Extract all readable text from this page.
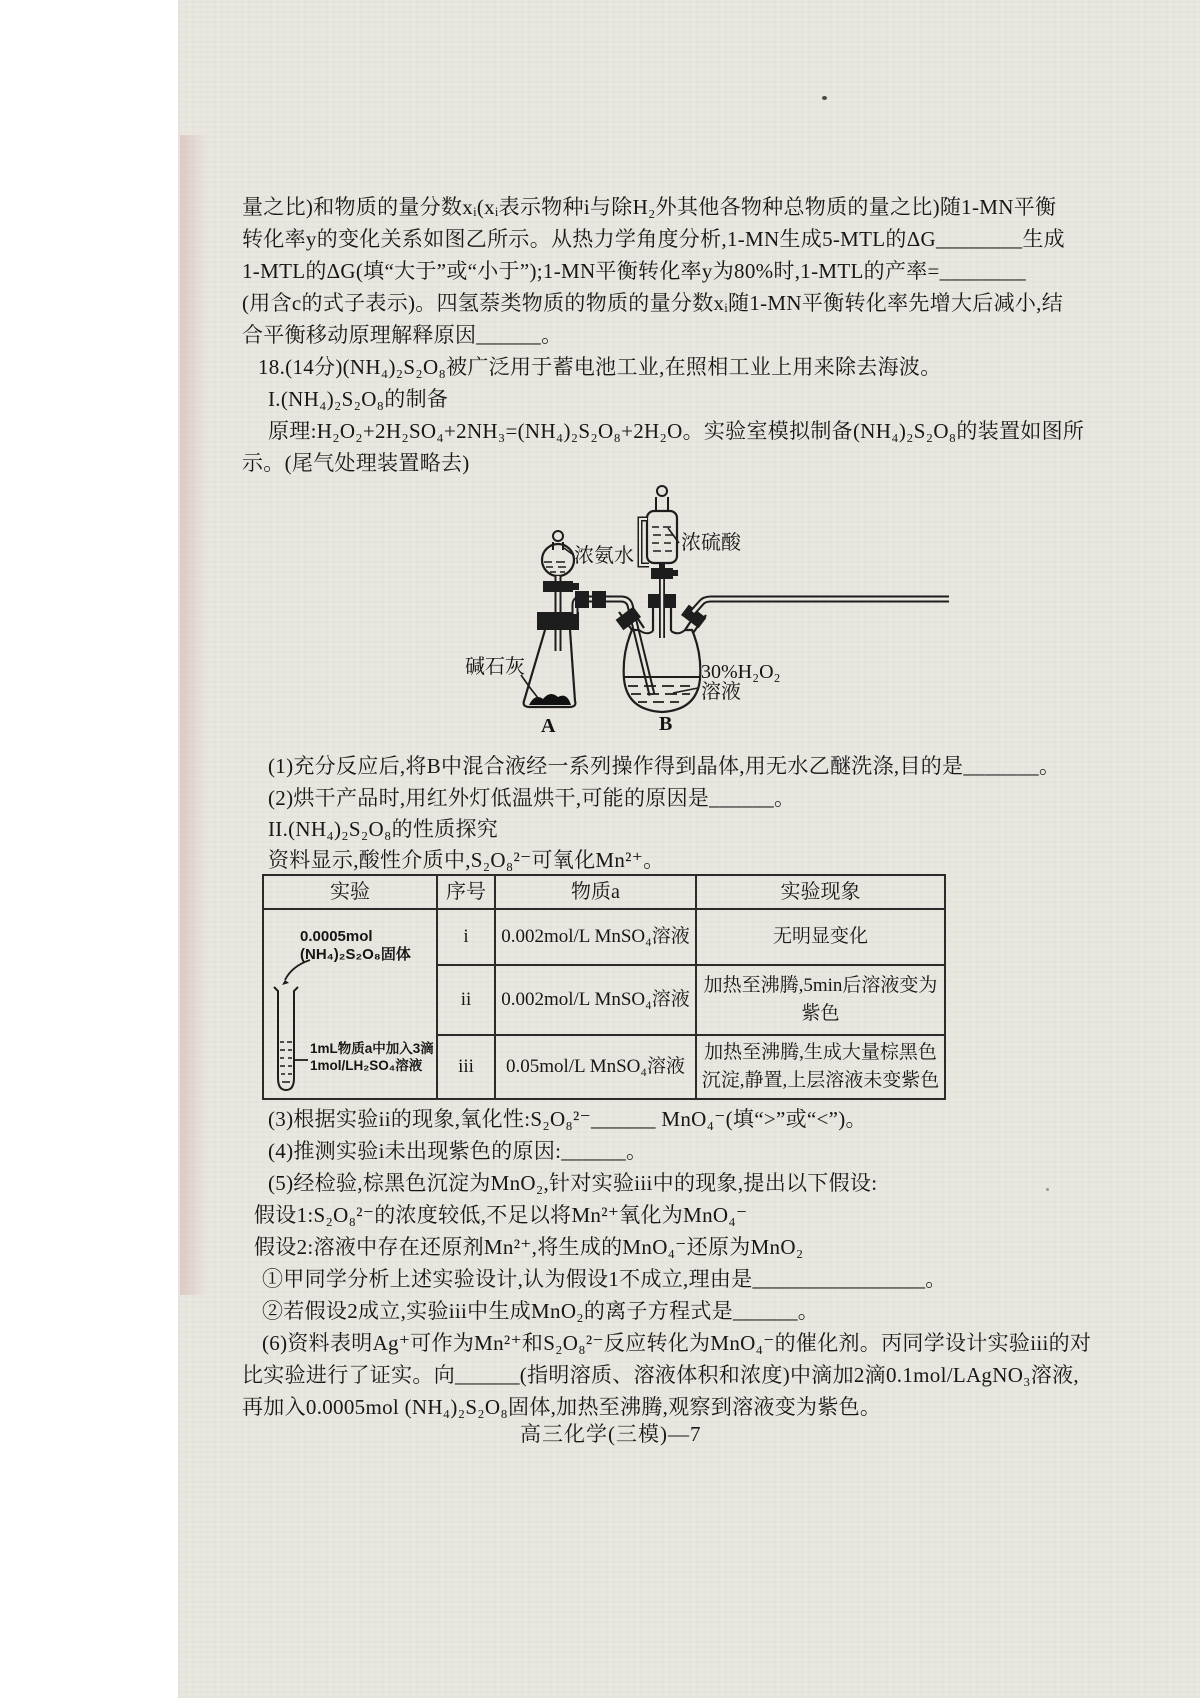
量之比)和物质的量分数xᵢ(xᵢ表示物种i与除H₂外其他各物种总物质的量之比)随1-MN平衡
转化率y的变化关系如图乙所示。从热力学角度分析,1-MN生成5-MTL的ΔG________生成
1-MTL的ΔG(填“大于”或“小于”);1-MN平衡转化率y为80%时,1-MTL的产率=________
(用含c的式子表示)。四氢萘类物质的物质的量分数xᵢ随1-MN平衡转化率先增大后减小,结
合平衡移动原理解释原因______。
18.(14分)(NH₄)₂S₂O₈被广泛用于蓄电池工业,在照相工业上用来除去海波。
I.(NH₄)₂S₂O₈的制备
原理:H₂O₂+2H₂SO₄+2NH₃=(NH₄)₂S₂O₈+2H₂O。实验室模拟制备(NH₄)₂S₂O₈的装置如图所
示。(尾气处理装置略去)
浓氨水
浓硫酸
碱石灰	30%H₂O₂
溶液
A	B
(1)充分反应后,将B中混合液经一系列操作得到晶体,用无水乙醚洗涤,目的是_______。
(2)烘干产品时,用红外灯低温烘干,可能的原因是______。
II.(NH₄)₂S₂O₈的性质探究
资料显示,酸性介质中,S₂O₈²⁻可氧化Mn²⁺。
实验	序号	物质a	实验现象

0.0005mol
(NH₄)₂S₂O₈固体
1mL物质a中加入3滴
1mol/LH₂SO₄溶液	i	0.002mol/L MnSO₄溶液	无明显变化
	ii	0.002mol/L MnSO₄溶液	加热至沸腾,5min后溶液变为紫色
	iii	0.05mol/L MnSO₄溶液	加热至沸腾,生成大量棕黑色沉淀,静置,上层溶液未变紫色
(3)根据实验ii的现象,氧化性:S₂O₈²⁻______ MnO₄⁻(填“>”或“<”)。
(4)推测实验i未出现紫色的原因:______。
(5)经检验,棕黑色沉淀为MnO₂,针对实验iii中的现象,提出以下假设:
假设1:S₂O₈²⁻的浓度较低,不足以将Mn²⁺氧化为MnO₄⁻
假设2:溶液中存在还原剂Mn²⁺,将生成的MnO₄⁻还原为MnO₂
①甲同学分析上述实验设计,认为假设1不成立,理由是________________。
②若假设2成立,实验iii中生成MnO₂的离子方程式是______。
(6)资料表明Ag⁺可作为Mn²⁺和S₂O₈²⁻反应转化为MnO₄⁻的催化剂。丙同学设计实验iii的对
比实验进行了证实。向______(指明溶质、溶液体积和浓度)中滴加2滴0.1mol/LAgNO₃溶液,
再加入0.0005mol (NH₄)₂S₂O₈固体,加热至沸腾,观察到溶液变为紫色。
高三化学(三模)—7
